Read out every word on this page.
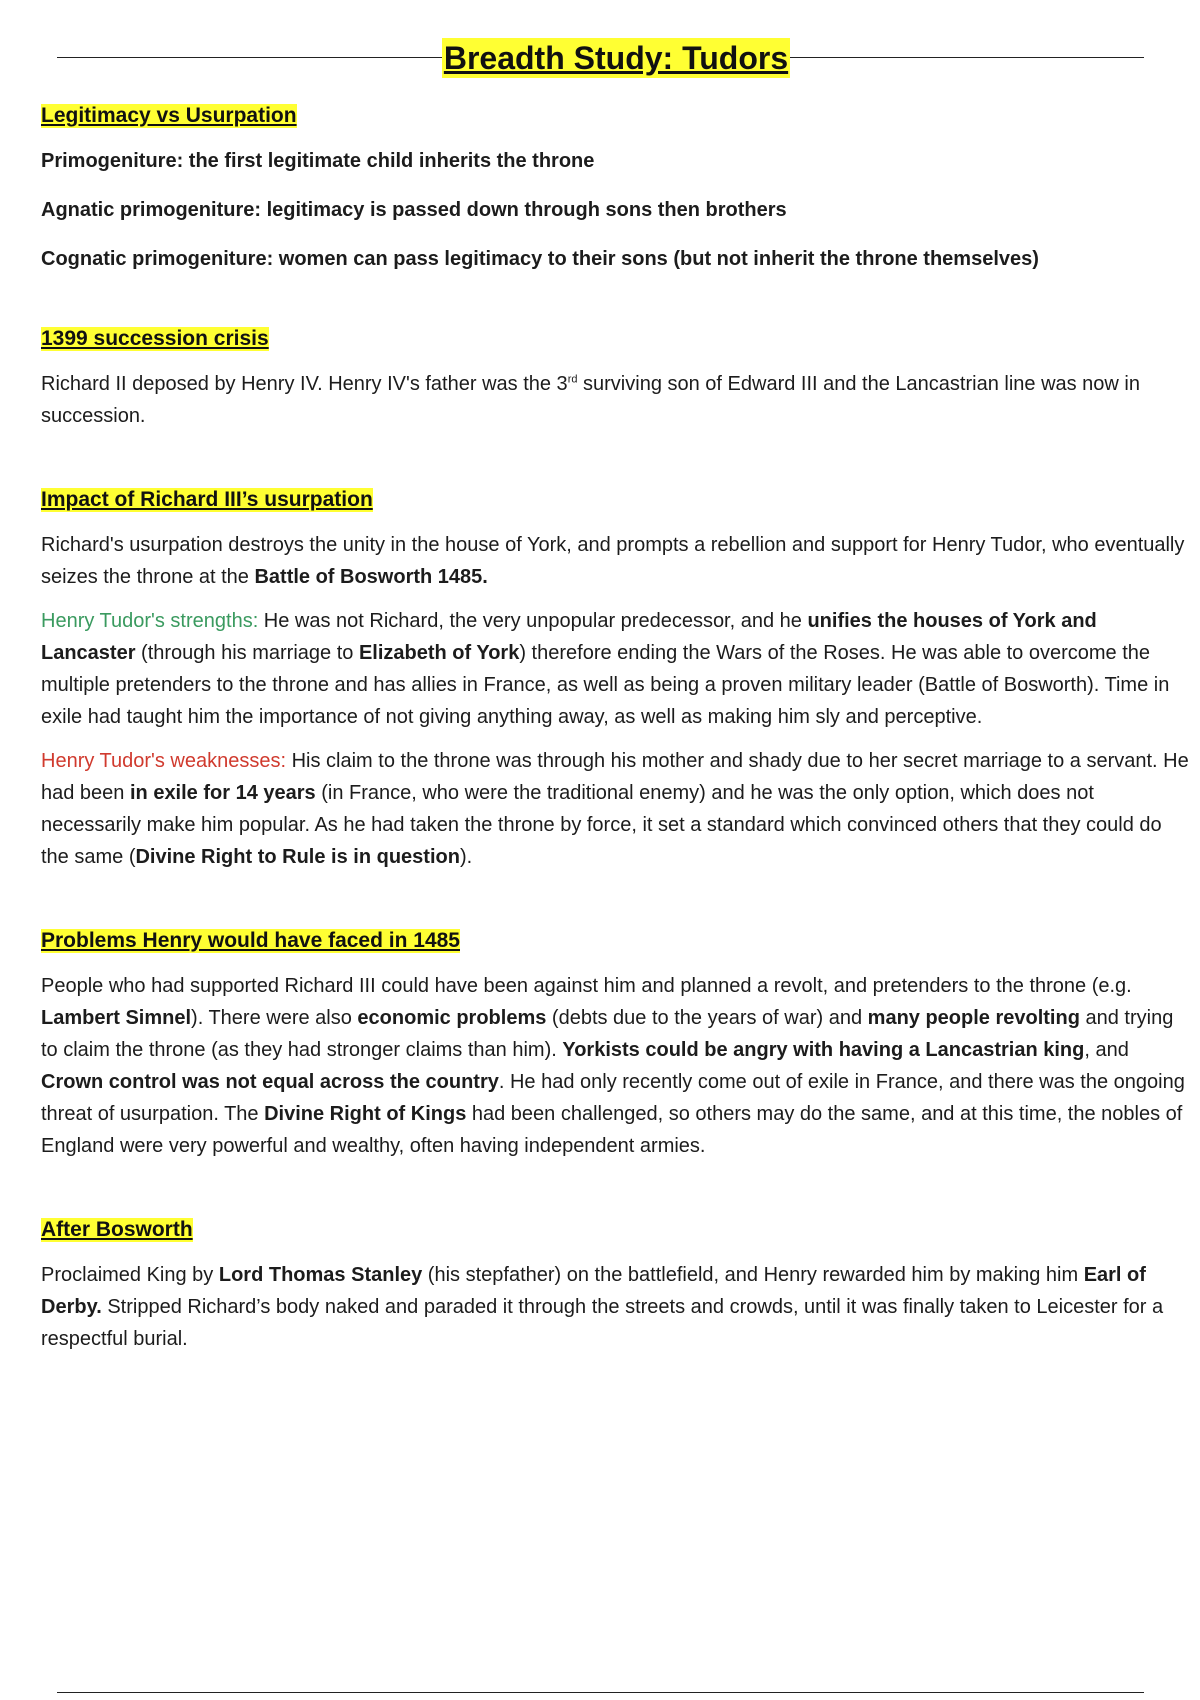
Breadth Study: Tudors
Legitimacy vs Usurpation

Primogeniture: the first legitimate child inherits the throne

Agnatic primogeniture: legitimacy is passed down through sons then brothers

Cognatic primogeniture: women can pass legitimacy to their sons (but not inherit the throne themselves)

1399 succession crisis

Richard II deposed by Henry IV. Henry IV's father was the 3rd surviving son of Edward III and the Lancastrian line was now in succession.

Impact of Richard III’s usurpation

Richard's usurpation destroys the unity in the house of York, and prompts a rebellion and support for Henry Tudor, who eventually seizes the throne at the Battle of Bosworth 1485.

Henry Tudor's strengths: He was not Richard, the very unpopular predecessor, and he unifies the houses of York and Lancaster (through his marriage to Elizabeth of York) therefore ending the Wars of the Roses. He was able to overcome the multiple pretenders to the throne and has allies in France, as well as being a proven military leader (Battle of Bosworth). Time in exile had taught him the importance of not giving anything away, as well as making him sly and perceptive.

Henry Tudor's weaknesses: His claim to the throne was through his mother and shady due to her secret marriage to a servant. He had been in exile for 14 years (in France, who were the traditional enemy) and he was the only option, which does not necessarily make him popular. As he had taken the throne by force, it set a standard which convinced others that they could do the same (Divine Right to Rule is in question).

Problems Henry would have faced in 1485

People who had supported Richard III could have been against him and planned a revolt, and pretenders to the throne (e.g. Lambert Simnel). There were also economic problems (debts due to the years of war) and many people revolting and trying to claim the throne (as they had stronger claims than him). Yorkists could be angry with having a Lancastrian king, and Crown control was not equal across the country. He had only recently come out of exile in France, and there was the ongoing threat of usurpation. The Divine Right of Kings had been challenged, so others may do the same, and at this time, the nobles of England were very powerful and wealthy, often having independent armies.

After Bosworth

Proclaimed King by Lord Thomas Stanley (his stepfather) on the battlefield, and Henry rewarded him by making him Earl of Derby. Stripped Richard’s body naked and paraded it through the streets and crowds, until it was finally taken to Leicester for a respectful burial.
